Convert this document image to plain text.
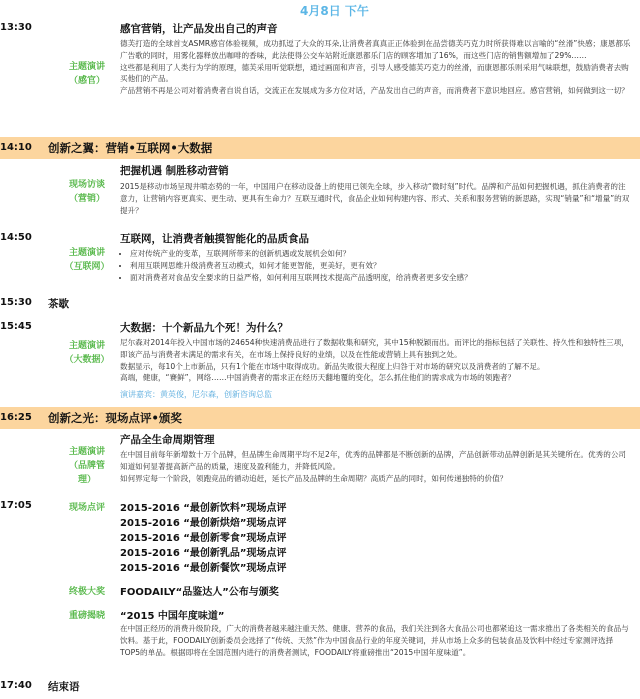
4月8日 下午
13:30	感官营销，让产品发出自己的声音
主题演讲
（感官）
德芙打造的全球首支ASMR感官体验视频，成功抓逗了大众的耳朵,让消费者真真正正体验到在品尝德芙巧克力时所获得难以言喻的“丝滑”快感；康恩都乐广告歌的同时，用雾化器释放出咖啡的香味，此法使得公交车站附近康恩都乐门店的顾客增加了16%，而这些门店的销售额增加了29%……
这些都是利用了人类行为学的原理，德芙采用听觉联想，通过画面和声音，引导人感受德芙巧克力的丝滑，而康恩都乐则采用气味联想，鼓励消费者去购买他们的产品。
产品营销不再是公司对着消费者自说自话，交流正在发展成为多方位对话，产品发出自己的声音，而消费者下意识地回应。感官营销，如何做到这一切？
14:10 创新之翼：营销•互联网•大数据
把握机遇 制胜移动营销
现场访谈
（营销）
2015是移动市场呈现井喷态势的一年，中国用户在移动设备上的使用已领先全球，步入移动“微时刻”时代。品牌和产品如何把握机遇，抓住消费者的注意力，让营销内容更真实、更生动、更具有生命力？互联互通时代，食品企业如何构建内容、形式、关系和服务营销的新思路，实现“销量”和“增量”的双提升？
14:50	互联网，让消费者触摸智能化的品质食品
主题演讲
（互联网）
• 应对传统产业的变革，互联网所带来的创新机遇或发展机会如何？
• 利用互联网思维升级消费者互动模式，如何才能更智能，更美好，更有效？
• 面对消费者对食品安全要求的日益严格，如何利用互联网技术提高产品透明度，给消费者更多安全感？
15:30 茶歇
15:45	大数据：十个新品九个死！为什么？
主题演讲
（大数据）
尼尔森对2014年投入中国市场的24654种快速消费品进行了数据收集和研究，其中15种脱颖而出。而评比的指标包括了关联性、持久性和独特性三项，即该产品与消费者未满足的需求有关，在市场上保持良好的业绩，以及在性能或营销上具有独到之处。
数据显示，每10个上市新品，只有1个能在市场中取得成功。新品失败很大程度上归咎于对市场的研究以及消费者的了解不足。
高端，健康，“賽鲜”，网络……中国消费者的需求正在经历天翻地覆的变化，怎么抓住他们的需求成为市场的领跑者？
演讲嘉宾：黄英俊，尼尔森，创新咨询总监
16:25 创新之光：现场点评•颁奖
产品全生命周期管理
主题演讲
（品牌管理）
在中国目前每年新增数十万个品牌，但品牌生命周期平均不足2年，优秀的品牌都是不断创新的品牌，产品创新带动品牌创新是其关键所在。优秀的公司知道如何显著提高新产品的质量，速度及盈利能力，并降低风险。
如何界定每一个阶段，领跑竞品的循动追赶，延长产品及品牌的生命周期？高质产品的同时，如何传递独特的价值？
17:05	现场点评	2015-2016 “最创新饮料”现场点评
2015-2016 “最创新烘焙”现场点评
2015-2016 “最创新零食”现场点评
2015-2016 “最创新乳品”现场点评
2015-2016 “最创新餐饮”现场点评
终极大奖	FOODAILY“品鉴达人”公布与颁奖
重磅揭晓	“2015 中国年度味道”
在中国正经历的消费升级阶段，广大的消费者越来越注重天然、健康、营养的食品，我们关注到各大食品公司也都紧追这一需求推出了各类相关的食品与饮料。基于此，FOODAILY创新委员会选择了“传统、天然”作为中国食品行业的年度关键词，并从市场上众多的包装食品及饮料中经过专家测评选择TOP5的单品。根据即将在全国范围内进行的消费者测试，FOODAILY将重磅推出“2015中国年度味道”。
17:40 结束语
